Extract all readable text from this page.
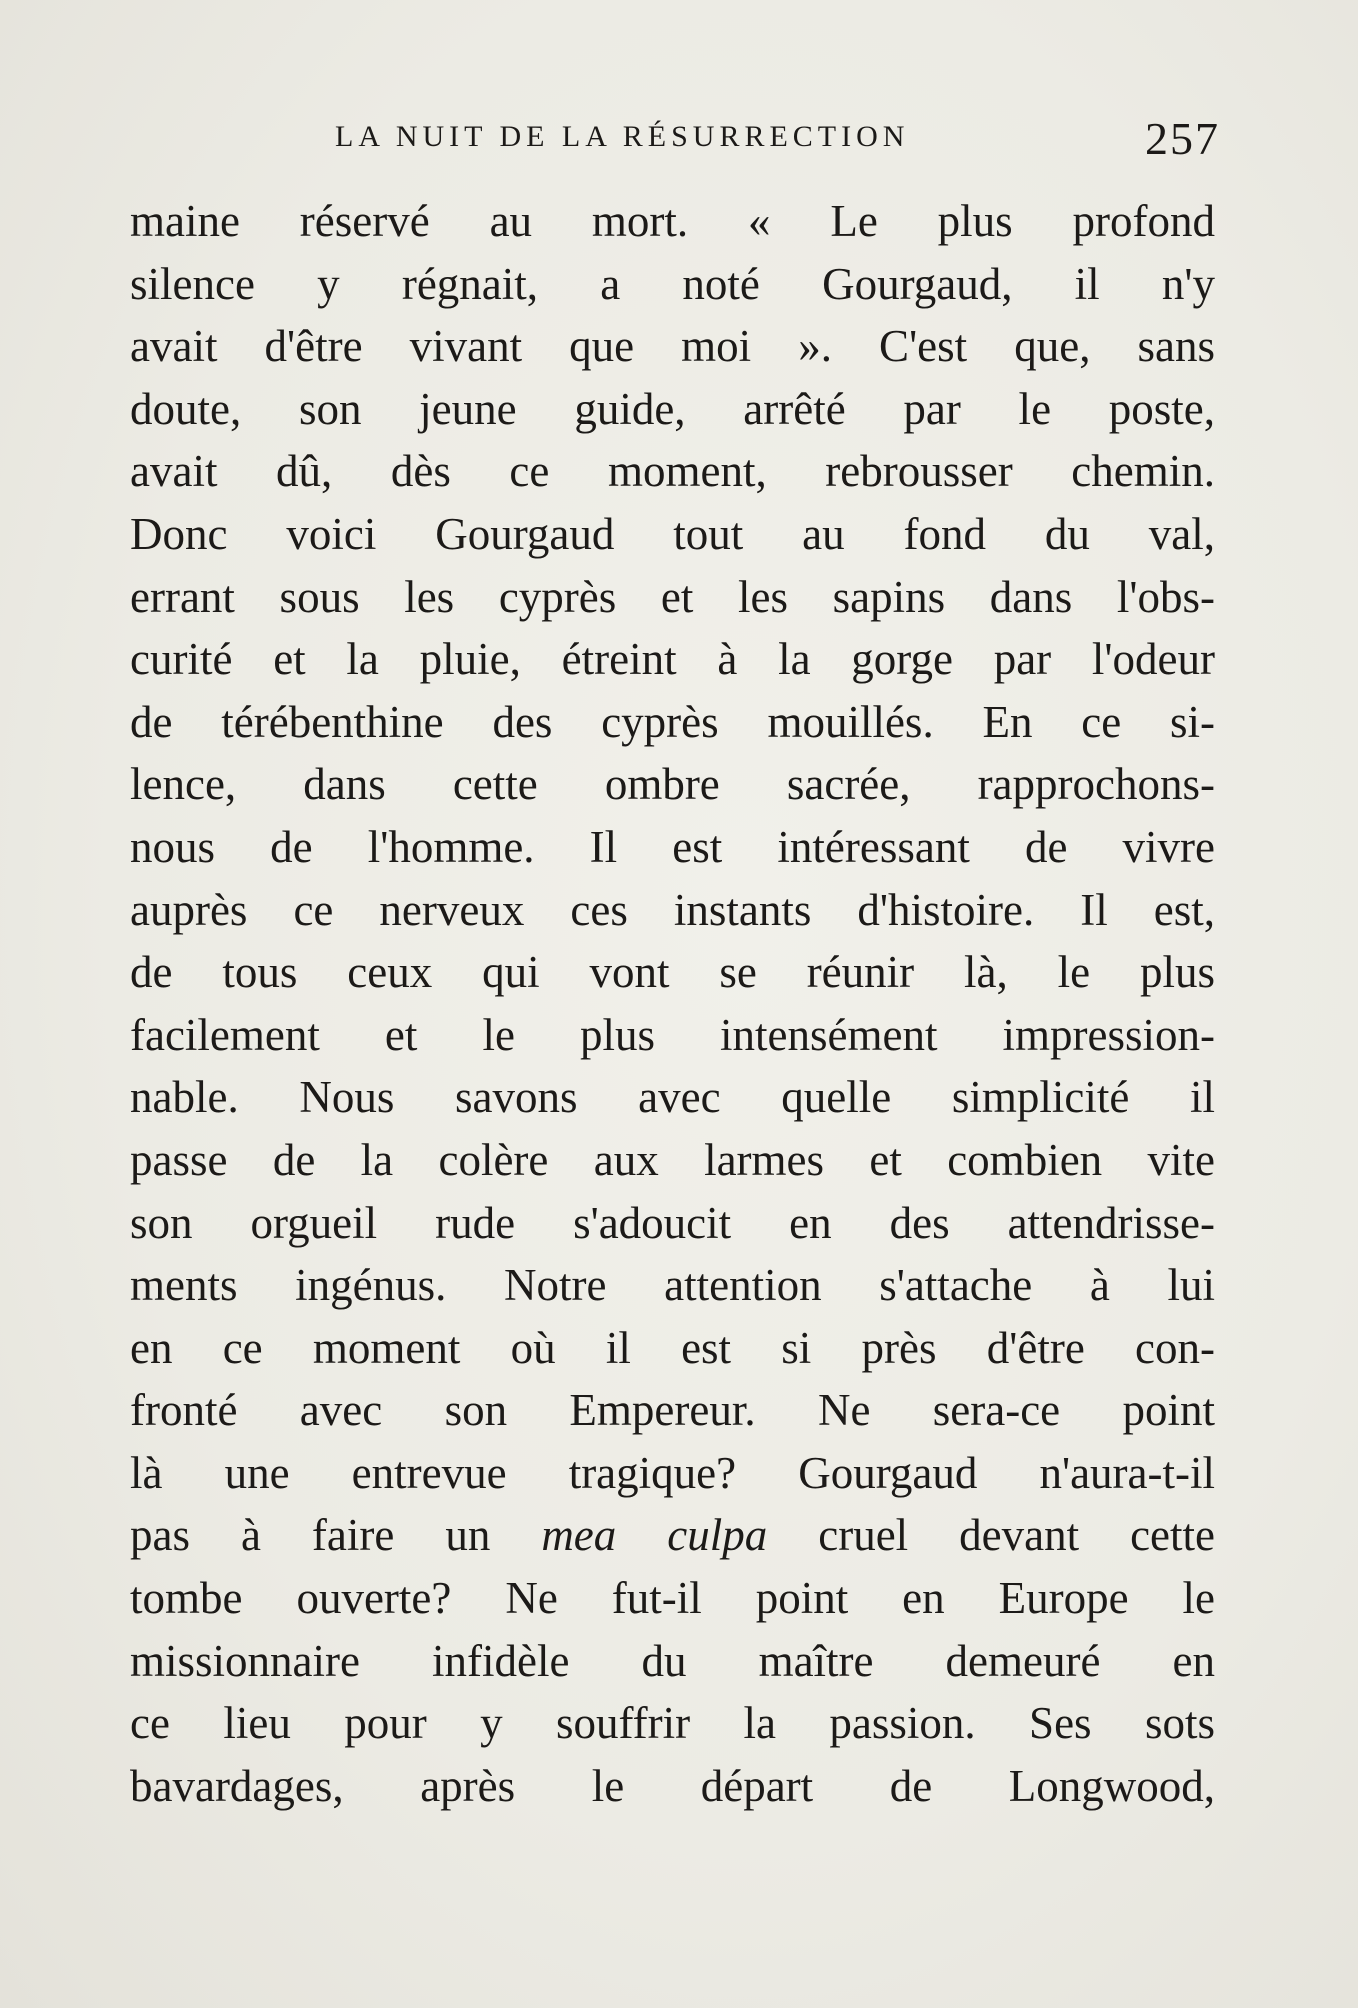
LA NUIT DE LA RÉSURRECTION	257
maine réservé au mort. « Le plus profond
silence y régnait, a noté Gourgaud, il n'y
avait d'être vivant que moi ». C'est que, sans
doute, son jeune guide, arrêté par le poste,
avait dû, dès ce moment, rebrousser chemin.
Donc voici Gourgaud tout au fond du val,
errant sous les cyprès et les sapins dans l'obs-
curité et la pluie, étreint à la gorge par l'odeur
de térébenthine des cyprès mouillés. En ce si-
lence, dans cette ombre sacrée, rapprochons-
nous de l'homme. Il est intéressant de vivre
auprès ce nerveux ces instants d'histoire. Il est,
de tous ceux qui vont se réunir là, le plus
facilement et le plus intensément impression-
nable. Nous savons avec quelle simplicité il
passe de la colère aux larmes et combien vite
son orgueil rude s'adoucit en des attendrisse-
ments ingénus. Notre attention s'attache à lui
en ce moment où il est si près d'être con-
fronté avec son Empereur. Ne sera-ce point
là une entrevue tragique? Gourgaud n'aura-t-il
pas à faire un mea culpa cruel devant cette
tombe ouverte? Ne fut-il point en Europe le
missionnaire infidèle du maître demeuré en
ce lieu pour y souffrir la passion. Ses sots
bavardages, après le départ de Longwood,
